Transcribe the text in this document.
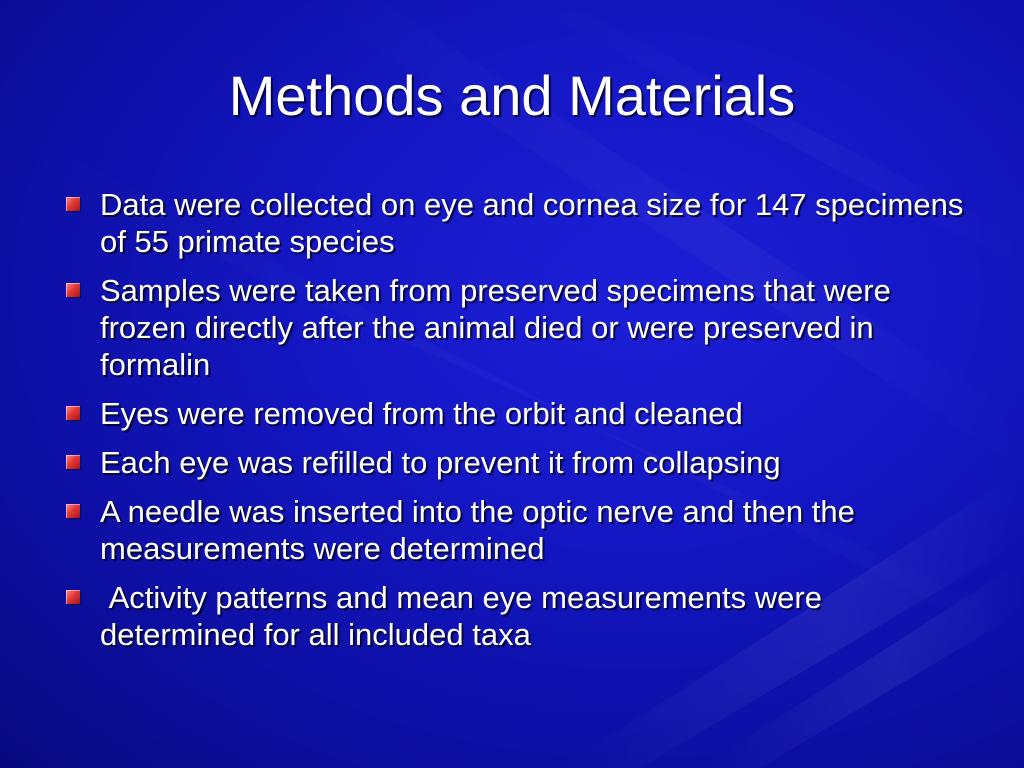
Methods and Materials
Data were collected on eye and cornea size for 147 specimens of 55 primate species
Samples were taken from preserved specimens that were frozen directly after the animal died or were preserved in formalin
Eyes were removed from the orbit and cleaned
Each eye was refilled to prevent it from collapsing
A needle was inserted into the optic nerve and then the measurements were determined
Activity patterns and mean eye measurements were determined for all included taxa
